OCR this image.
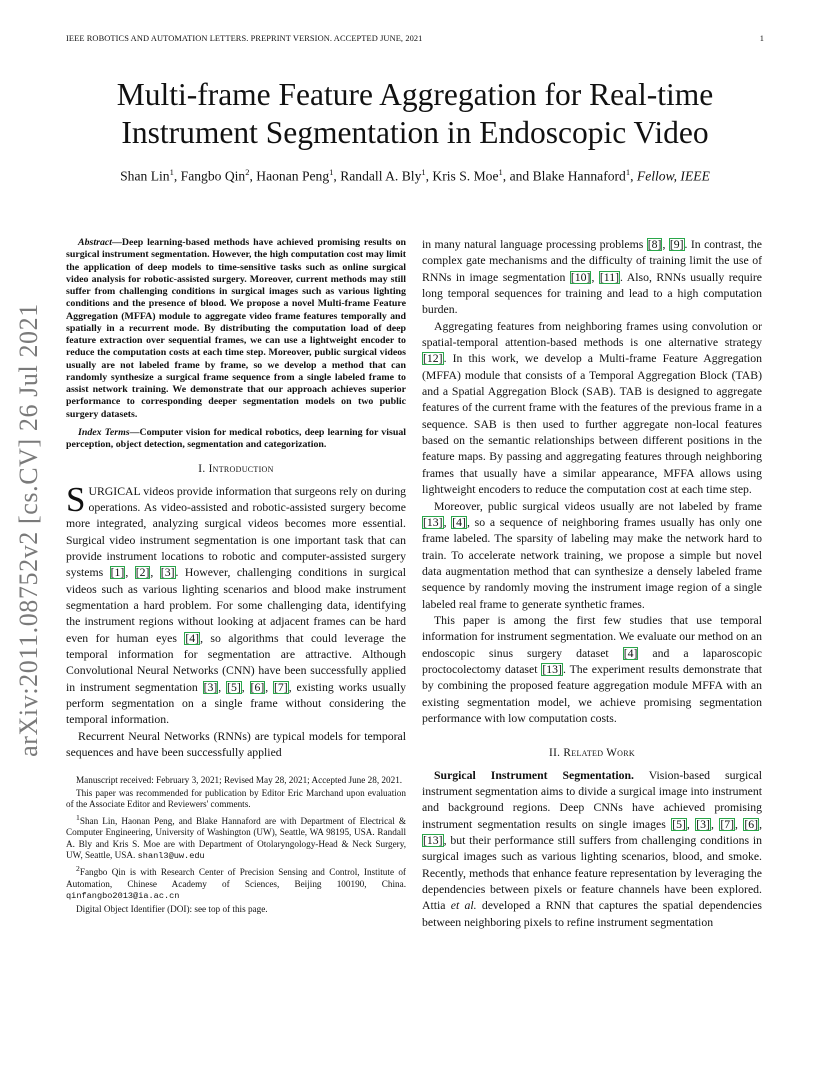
IEEE ROBOTICS AND AUTOMATION LETTERS. PREPRINT VERSION. ACCEPTED JUNE, 2021	1
arXiv:2011.08752v2 [cs.CV] 26 Jul 2021
Multi-frame Feature Aggregation for Real-time Instrument Segmentation in Endoscopic Video
Shan Lin$^1$, Fangbo Qin$^2$, Haonan Peng$^1$, Randall A. Bly$^1$, Kris S. Moe$^1$, and Blake Hannaford$^1$, Fellow, IEEE

Abstract—Deep learning-based methods have achieved promising results on surgical instrument segmentation. However, the high computation cost may limit the application of deep models to time-sensitive tasks such as online surgical video analysis for robotic-assisted surgery. Moreover, current methods may still suffer from challenging conditions in surgical images such as various lighting conditions and the presence of blood. We propose a novel Multi-frame Feature Aggregation (MFFA) module to aggregate video frame features temporally and spatially in a recurrent mode. By distributing the computation load of deep feature extraction over sequential frames, we can use a lightweight encoder to reduce the computation costs at each time step. Moreover, public surgical videos usually are not labeled frame by frame, so we develop a method that can randomly synthesize a surgical frame sequence from a single labeled frame to assist network training. We demonstrate that our approach achieves superior performance to corresponding deeper segmentation models on two public surgery datasets.

Index Terms—Computer vision for medical robotics, deep learning for visual perception, object detection, segmentation and categorization.

I. Introduction

SURGICAL videos provide information that surgeons rely on during operations. As video-assisted and robotic-assisted surgery become more integrated, analyzing surgical videos becomes more essential. Surgical video instrument segmentation is one important task that can provide instrument locations to robotic and computer-assisted surgery systems [1], [2], [3]. However, challenging conditions in surgical videos such as various lighting scenarios and blood make instrument segmentation a hard problem. For some challenging data, identifying the instrument regions without looking at adjacent frames can be hard even for human eyes [4], so algorithms that could leverage the temporal information for segmentation are attractive. Although Convolutional Neural Networks (CNN) have been successfully applied in instrument segmentation [3], [5], [6], [7], existing works usually perform segmentation on a single frame without considering the temporal information.

Recurrent Neural Networks (RNNs) are typical models for temporal sequences and have been successfully applied

Manuscript received: February 3, 2021; Revised May 28, 2021; Accepted June 28, 2021.

This paper was recommended for publication by Editor Eric Marchand upon evaluation of the Associate Editor and Reviewers' comments.

$^1$Shan Lin, Haonan Peng, and Blake Hannaford are with Department of Electrical & Computer Engineering, University of Washington (UW), Seattle, WA 98195, USA. Randall A. Bly and Kris S. Moe are with Department of Otolaryngology-Head & Neck Surgery, UW, Seattle, USA. shanl3@uw.edu

$^2$Fangbo Qin is with Research Center of Precision Sensing and Control, Institute of Automation, Chinese Academy of Sciences, Beijing 100190, China. qinfangbo2013@ia.ac.cn

Digital Object Identifier (DOI): see top of this page.

in many natural language processing problems [8], [9]. In contrast, the complex gate mechanisms and the difficulty of training limit the use of RNNs in image segmentation [10], [11]. Also, RNNs usually require long temporal sequences for training and lead to a high computation burden.

Aggregating features from neighboring frames using convolution or spatial-temporal attention-based methods is one alternative strategy [12]. In this work, we develop a Multi-frame Feature Aggregation (MFFA) module that consists of a Temporal Aggregation Block (TAB) and a Spatial Aggregation Block (SAB). TAB is designed to aggregate features of the current frame with the features of the previous frame in a sequence. SAB is then used to further aggregate non-local features based on the semantic relationships between different positions in the feature maps. By passing and aggregating features through neighboring frames that usually have a similar appearance, MFFA allows using lightweight encoders to reduce the computation cost at each time step.

Moreover, public surgical videos usually are not labeled by frame [13], [4], so a sequence of neighboring frames usually has only one frame labeled. The sparsity of labeling may make the network hard to train. To accelerate network training, we propose a simple but novel data augmentation method that can synthesize a densely labeled frame sequence by randomly moving the instrument image region of a single labeled real frame to generate synthetic frames.

This paper is among the first few studies that use temporal information for instrument segmentation. We evaluate our method on an endoscopic sinus surgery dataset [4] and a laparoscopic proctocolectomy dataset [13]. The experiment results demonstrate that by combining the proposed feature aggregation module MFFA with an existing segmentation model, we achieve promising segmentation performance with low computation costs.

II. Related Work

Surgical Instrument Segmentation. Vision-based surgical instrument segmentation aims to divide a surgical image into instrument and background regions. Deep CNNs have achieved promising instrument segmentation results on single images [5], [3], [7], [6], [13], but their performance still suffers from challenging conditions in surgical images such as various lighting scenarios, blood, and smoke. Recently, methods that enhance feature representation by leveraging the dependencies between pixels or feature channels have been explored. Attia et al. developed a RNN that captures the spatial dependencies between neighboring pixels to refine instrument segmentation
